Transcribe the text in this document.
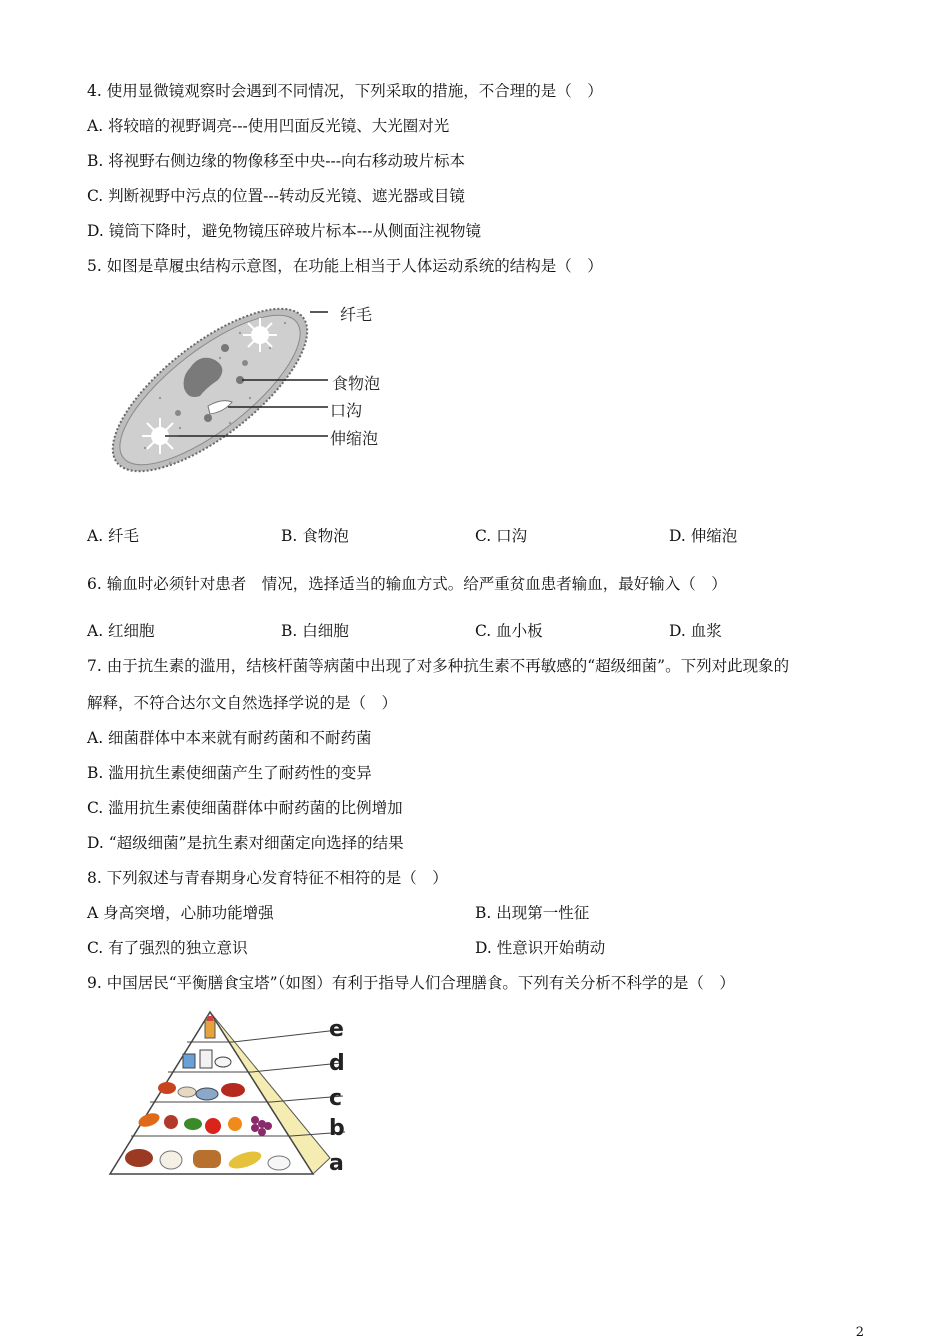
4. 使用显微镜观察时会遇到不同情况，下列采取的措施，不合理的是（　）
A. 将较暗的视野调亮---使用凹面反光镜、大光圈对光
B. 将视野右侧边缘的物像移至中央---向右移动玻片标本
C. 判断视野中污点的位置---转动反光镜、遮光器或目镜
D. 镜筒下降时，避免物镜压碎玻片标本---从侧面注视物镜
5. 如图是草履虫结构示意图，在功能上相当于人体运动系统的结构是（　）
纤毛
食物泡
口沟
伸缩泡
A. 纤毛	B. 食物泡	C. 口沟	D. 伸缩泡
6. 输血时必须针对患者　情况，选择适当的输血方式。给严重贫血患者输血，最好输入（　）
A. 红细胞	B. 白细胞	C. 血小板	D. 血浆
7. 由于抗生素的滥用，结核杆菌等病菌中出现了对多种抗生素不再敏感的“超级细菌”。下列对此现象的
解释，不符合达尔文自然选择学说的是（　）
A. 细菌群体中本来就有耐药菌和不耐药菌
B. 滥用抗生素使细菌产生了耐药性的变异
C. 滥用抗生素使细菌群体中耐药菌的比例增加
D. “超级细菌”是抗生素对细菌定向选择的结果
8. 下列叙述与青春期身心发育特征不相符的是（　）
A 身高突增，心肺功能增强	B. 出现第一性征
C. 有了强烈的独立意识	D. 性意识开始萌动
9. 中国居民“平衡膳食宝塔”（如图）有利于指导人们合理膳食。下列有关分析不科学的是（　）
e
d
c
b
a
2
